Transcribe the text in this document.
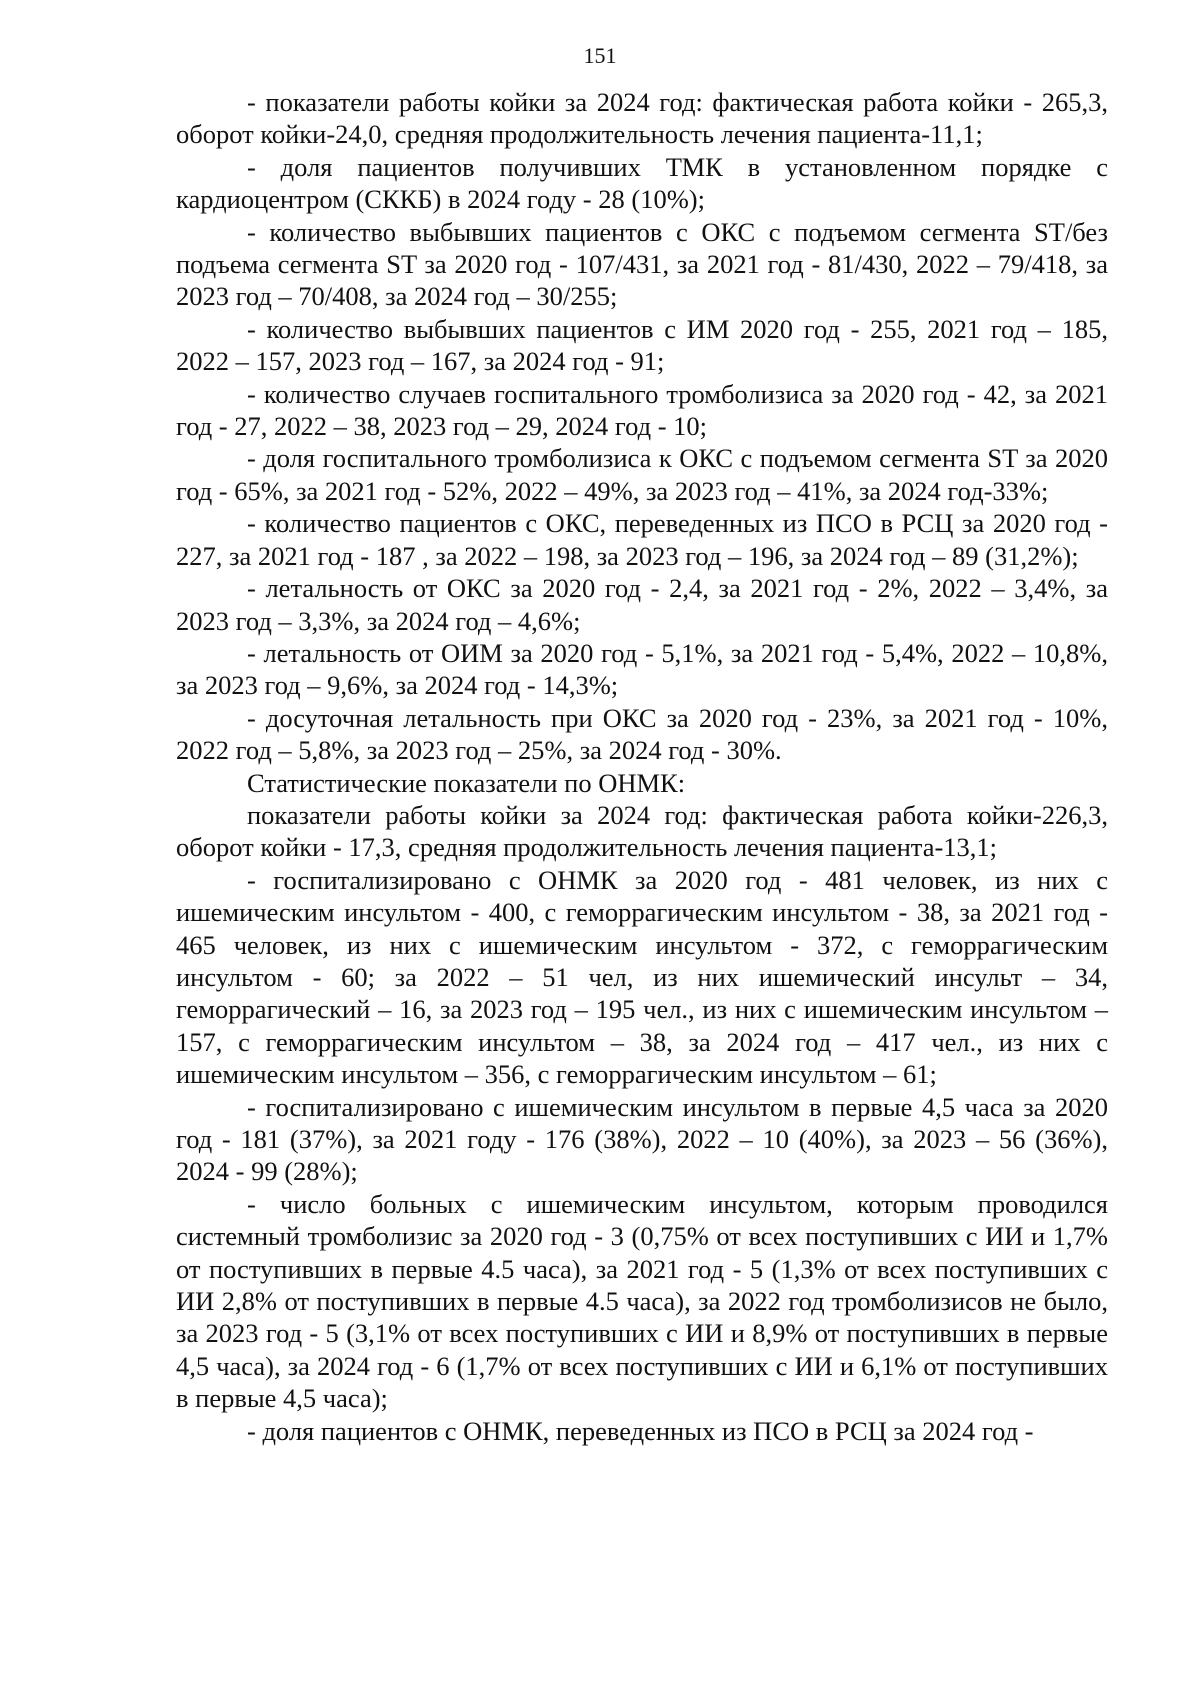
151

- показатели работы койки за 2024 год: фактическая работа койки - 265,3, оборот койки-24,0, средняя продолжительность лечения пациента-11,1;

- доля пациентов получивших ТМК в установленном порядке с кардиоцентром (СККБ) в 2024 году - 28 (10%);

- количество выбывших пациентов с ОКС с подъемом сегмента ST/без подъема сегмента ST за 2020 год - 107/431, за 2021 год - 81/430, 2022 – 79/418, за 2023 год – 70/408, за 2024 год – 30/255;

- количество выбывших пациентов с ИМ 2020 год - 255, 2021 год – 185, 2022 – 157, 2023 год – 167, за 2024 год - 91;

- количество случаев госпитального тромболизиса за 2020 год - 42, за 2021 год - 27, 2022 – 38, 2023 год – 29, 2024 год - 10;

- доля госпитального тромболизиса к ОКС с подъемом сегмента ST за 2020 год - 65%, за 2021 год - 52%, 2022 – 49%, за 2023 год – 41%, за 2024 год-33%;

- количество пациентов с ОКС, переведенных из ПСО в РСЦ за 2020 год - 227, за 2021 год - 187 , за 2022 – 198, за 2023 год – 196, за 2024 год – 89 (31,2%);

- летальность от ОКС за 2020 год - 2,4, за 2021 год - 2%, 2022 – 3,4%, за 2023 год – 3,3%, за 2024 год – 4,6%;

- летальность от ОИМ за 2020 год - 5,1%, за 2021 год - 5,4%, 2022 – 10,8%, за 2023 год – 9,6%, за 2024 год - 14,3%;

- досуточная летальность при ОКС за 2020 год - 23%, за 2021 год - 10%, 2022 год – 5,8%, за 2023 год – 25%, за 2024 год - 30%.

Статистические показатели по ОНМК:

показатели работы койки за 2024 год: фактическая работа койки-226,3, оборот койки - 17,3, средняя продолжительность лечения пациента-13,1;

- госпитализировано с ОНМК за 2020 год - 481 человек, из них с ишемическим инсультом - 400, с геморрагическим инсультом - 38, за 2021 год - 465 человек, из них с ишемическим инсультом - 372, с геморрагическим инсультом - 60; за 2022 – 51 чел, из них ишемический инсульт – 34, геморрагический – 16, за 2023 год – 195 чел., из них с ишемическим инсультом – 157, с геморрагическим инсультом – 38, за 2024 год – 417 чел., из них с ишемическим инсультом – 356, с геморрагическим инсультом – 61;

- госпитализировано с ишемическим инсультом в первые 4,5 часа за 2020 год - 181 (37%), за 2021 году - 176 (38%), 2022 – 10 (40%), за 2023 – 56 (36%), 2024 - 99 (28%);

- число больных с ишемическим инсультом, которым проводился системный тромболизис за 2020 год - 3 (0,75% от всех поступивших с ИИ и 1,7% от поступивших в первые 4.5 часа), за 2021 год - 5 (1,3% от всех поступивших с ИИ 2,8% от поступивших в первые 4.5 часа), за 2022 год тромболизисов не было, за 2023 год - 5 (3,1% от всех поступивших с ИИ и 8,9% от поступивших в первые 4,5 часа), за 2024 год - 6 (1,7% от всех поступивших с ИИ и 6,1% от поступивших в первые 4,5 часа);

- доля пациентов с ОНМК, переведенных из ПСО в РСЦ за 2024 год -
